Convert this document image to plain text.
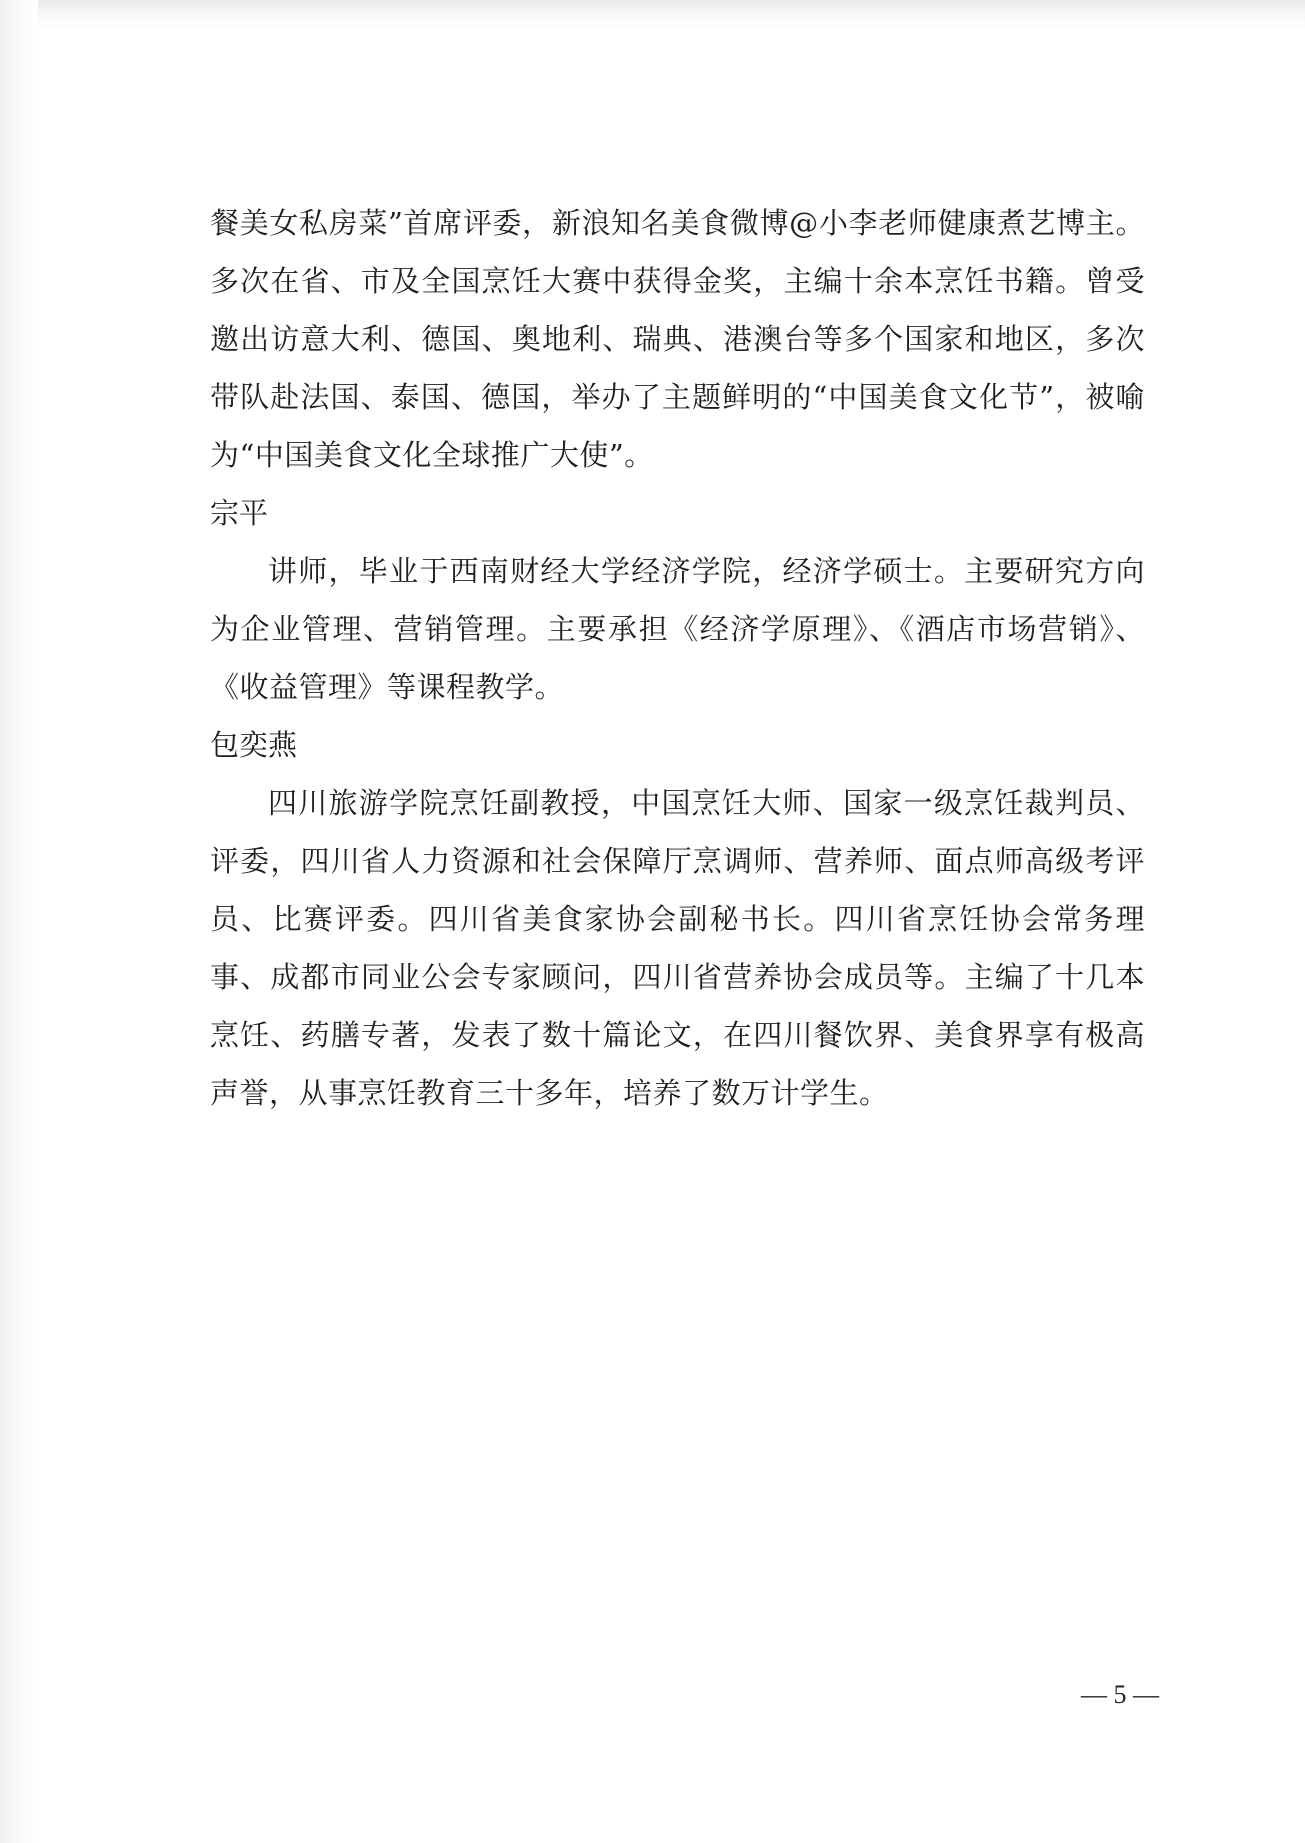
餐美女私房菜”首席评委，新浪知名美食微博@小李老师健康煮艺博主。多次在省、市及全国烹饪大赛中获得金奖，主编十余本烹饪书籍。曾受邀出访意大利、德国、奥地利、瑞典、港澳台等多个国家和地区，多次带队赴法国、泰国、德国，举办了主题鲜明的“中国美食文化节”，被喻为“中国美食文化全球推广大使”。

宗平

讲师，毕业于西南财经大学经济学院，经济学硕士。主要研究方向为企业管理、营销管理。主要承担《经济学原理》、《酒店市场营销》、《收益管理》等课程教学。

包奕燕

四川旅游学院烹饪副教授，中国烹饪大师、国家一级烹饪裁判员、评委，四川省人力资源和社会保障厅烹调师、营养师、面点师高级考评员、比赛评委。四川省美食家协会副秘书长。四川省烹饪协会常务理事、成都市同业公会专家顾问，四川省营养协会成员等。主编了十几本烹饪、药膳专著，发表了数十篇论文，在四川餐饮界、美食界享有极高声誉，从事烹饪教育三十多年，培养了数万计学生。

— 5 —
